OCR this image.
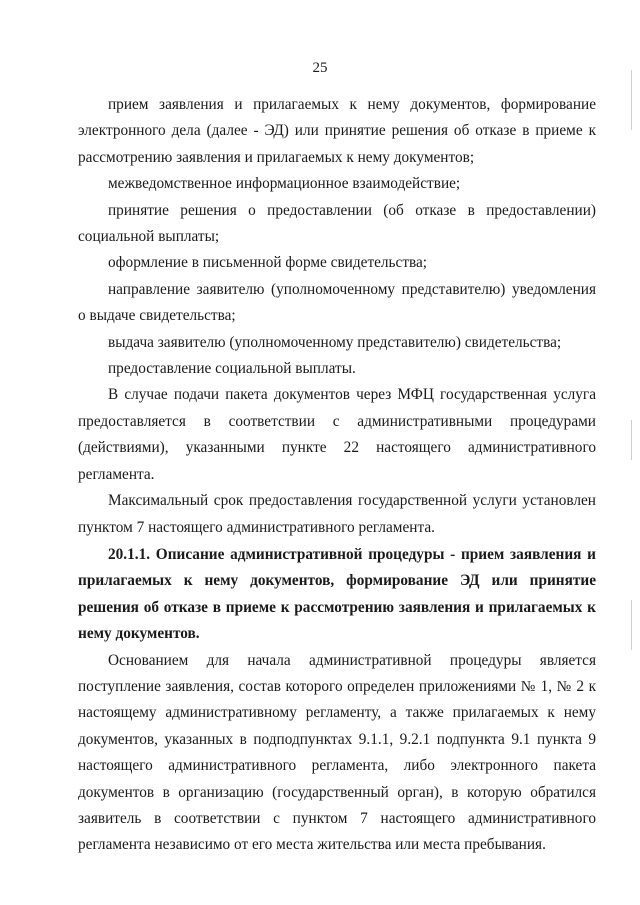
25

прием заявления и прилагаемых к нему документов, формирование электронного дела (далее - ЭД) или принятие решения об отказе в приеме к рассмотрению заявления и прилагаемых к нему документов;

межведомственное информационное взаимодействие;

принятие решения о предоставлении (об отказе в предоставлении) социальной выплаты;

оформление в письменной форме свидетельства;

направление заявителю (уполномоченному представителю) уведомления о выдаче свидетельства;

выдача заявителю (уполномоченному представителю) свидетельства;

предоставление социальной выплаты.

В случае подачи пакета документов через МФЦ государственная услуга предоставляется в соответствии с административными процедурами (действиями), указанными пункте 22 настоящего административного регламента.

Максимальный срок предоставления государственной услуги установлен пунктом 7 настоящего административного регламента.

20.1.1. Описание административной процедуры - прием заявления и прилагаемых к нему документов, формирование ЭД или принятие решения об отказе в приеме к рассмотрению заявления и прилагаемых к нему документов.

Основанием для начала административной процедуры является поступление заявления, состав которого определен приложениями № 1, № 2 к настоящему административному регламенту, а также прилагаемых к нему документов, указанных в подподпунктах 9.1.1, 9.2.1 подпункта 9.1 пункта 9 настоящего административного регламента, либо электронного пакета документов в организацию (государственный орган), в которую обратился заявитель в соответствии с пунктом 7 настоящего административного регламента независимо от его места жительства или места пребывания.
